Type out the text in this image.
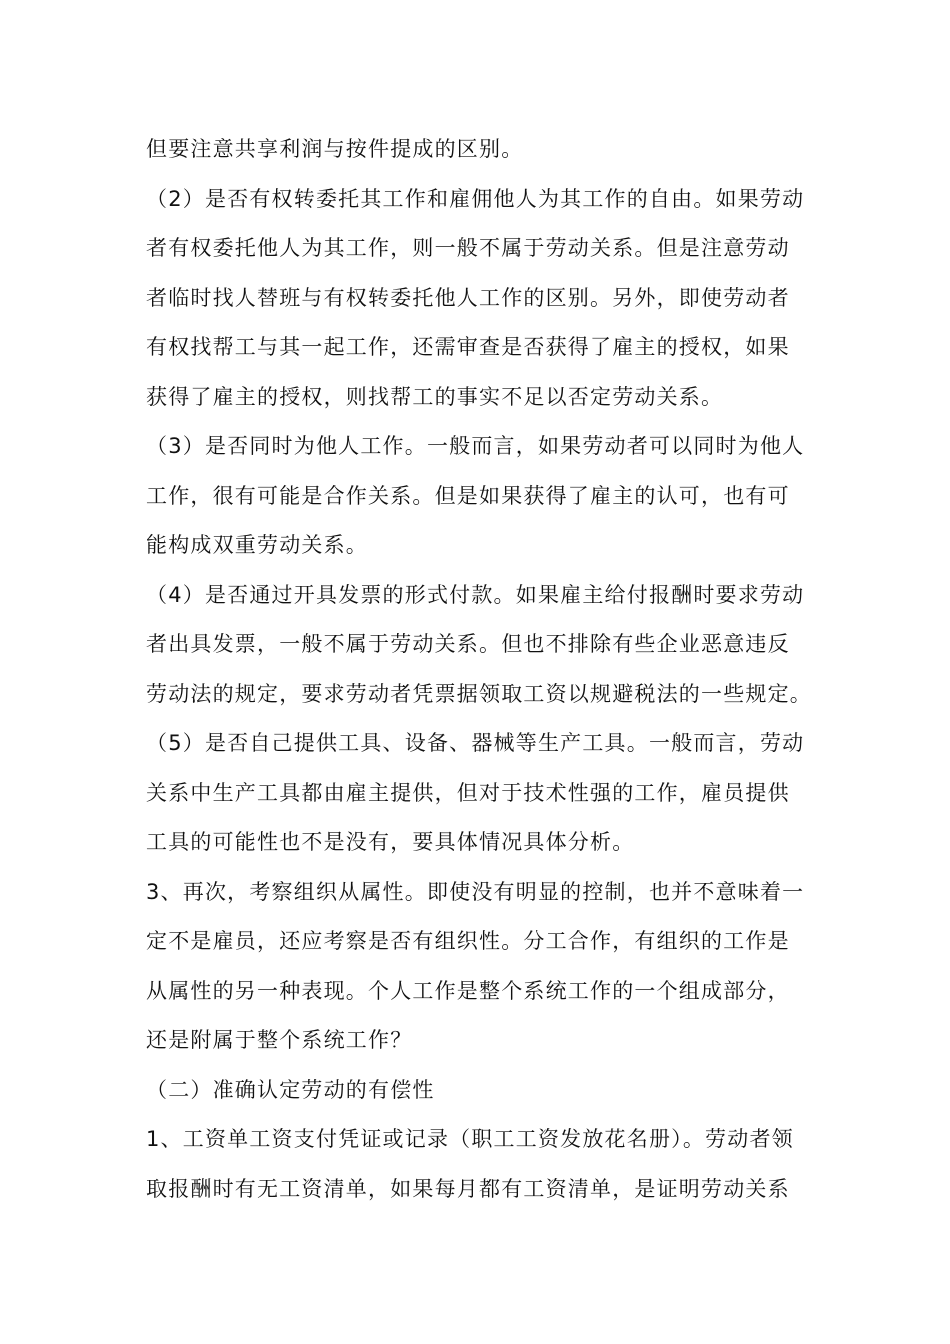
但要注意共享利润与按件提成的区别。
（2）是否有权转委托其工作和雇佣他人为其工作的自由。如果劳动
者有权委托他人为其工作，则一般不属于劳动关系。但是注意劳动
者临时找人替班与有权转委托他人工作的区别。另外，即使劳动者
有权找帮工与其一起工作，还需审查是否获得了雇主的授权，如果
获得了雇主的授权，则找帮工的事实不足以否定劳动关系。
（3）是否同时为他人工作。一般而言，如果劳动者可以同时为他人
工作，很有可能是合作关系。但是如果获得了雇主的认可，也有可
能构成双重劳动关系。
（4）是否通过开具发票的形式付款。如果雇主给付报酬时要求劳动
者出具发票，一般不属于劳动关系。但也不排除有些企业恶意违反
劳动法的规定，要求劳动者凭票据领取工资以规避税法的一些规定。
（5）是否自己提供工具、设备、器械等生产工具。一般而言，劳动
关系中生产工具都由雇主提供，但对于技术性强的工作，雇员提供
工具的可能性也不是没有，要具体情况具体分析。
3、再次，考察组织从属性。即使没有明显的控制，也并不意味着一
定不是雇员，还应考察是否有组织性。分工合作，有组织的工作是
从属性的另一种表现。个人工作是整个系统工作的一个组成部分，
还是附属于整个系统工作？
（二）准确认定劳动的有偿性
1、工资单工资支付凭证或记录（职工工资发放花名册）。劳动者领
取报酬时有无工资清单，如果每月都有工资清单，是证明劳动关系
